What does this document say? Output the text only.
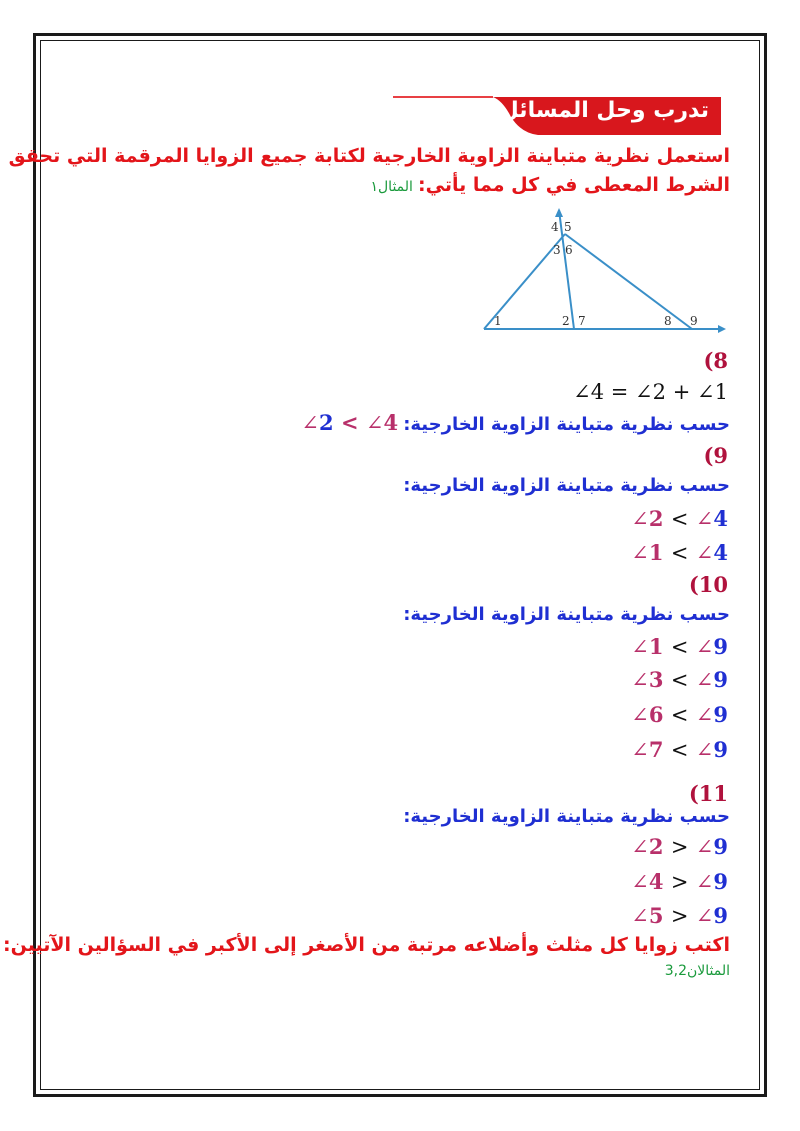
تدرب وحل المسائل
استعمل نظرية متباينة الزاوية الخارجية لكتابة جميع الزوايا المرقمة التي تحقق
الشرط المعطى في كل مما يأتي: المثال١
4 5
3 6
1	2 7	8 9
(8
∠4 = ∠2 + ∠1
حسب نظرية متباينة الزاوية الخارجية: ∠2 < ∠4
(9
حسب نظرية متباينة الزاوية الخارجية:
∠2 < ∠4
∠1 < ∠4
(10
حسب نظرية متباينة الزاوية الخارجية:
∠1 < ∠9
∠3 < ∠9
∠6 < ∠9
∠7 < ∠9
(11
حسب نظرية متباينة الزاوية الخارجية:
∠2 > ∠9
∠4 > ∠9
∠5 > ∠9
اكتب زوايا كل مثلث وأضلاعه مرتبة من الأصغر إلى الأكبر في السؤالين الآتيين:
المثالان3,2
